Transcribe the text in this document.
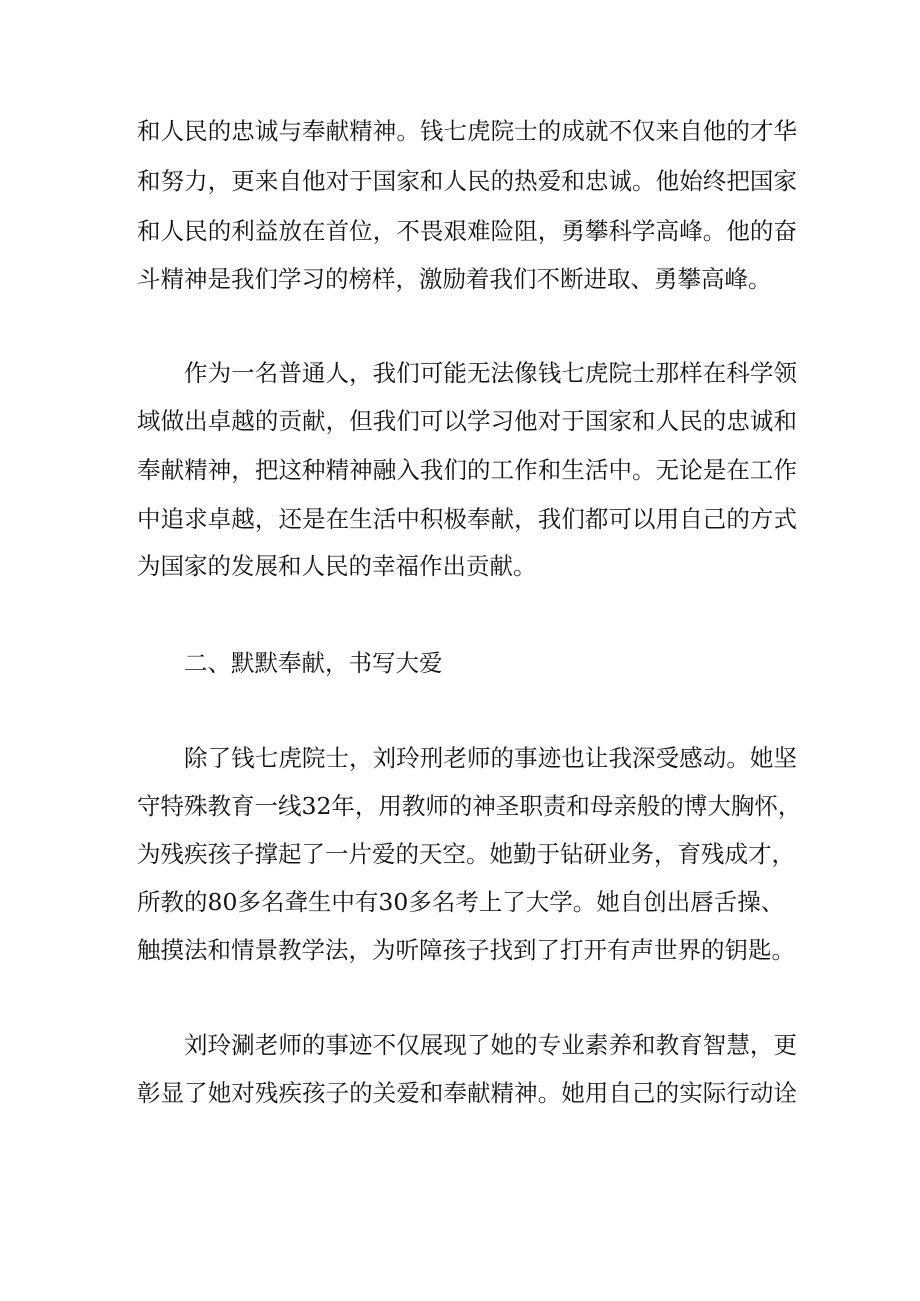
和人民的忠诚与奉献精神。钱七虎院士的成就不仅来自他的才华
和努力，更来自他对于国家和人民的热爱和忠诚。他始终把国家
和人民的利益放在首位，不畏艰难险阻，勇攀科学高峰。他的奋
斗精神是我们学习的榜样，激励着我们不断进取、勇攀高峰。
作为一名普通人，我们可能无法像钱七虎院士那样在科学领
域做出卓越的贡献，但我们可以学习他对于国家和人民的忠诚和
奉献精神，把这种精神融入我们的工作和生活中。无论是在工作
中追求卓越，还是在生活中积极奉献，我们都可以用自己的方式
为国家的发展和人民的幸福作出贡献。
二、默默奉献，书写大爱
除了钱七虎院士，刘玲刑老师的事迹也让我深受感动。她坚
守特殊教育一线32年，用教师的神圣职责和母亲般的博大胸怀，
为残疾孩子撑起了一片爱的天空。她勤于钻研业务，育残成才，
所教的80多名聋生中有30多名考上了大学。她自创出唇舌操、
触摸法和情景教学法，为听障孩子找到了打开有声世界的钥匙。
刘玲涮老师的事迹不仅展现了她的专业素养和教育智慧，更
彰显了她对残疾孩子的关爱和奉献精神。她用自己的实际行动诠
